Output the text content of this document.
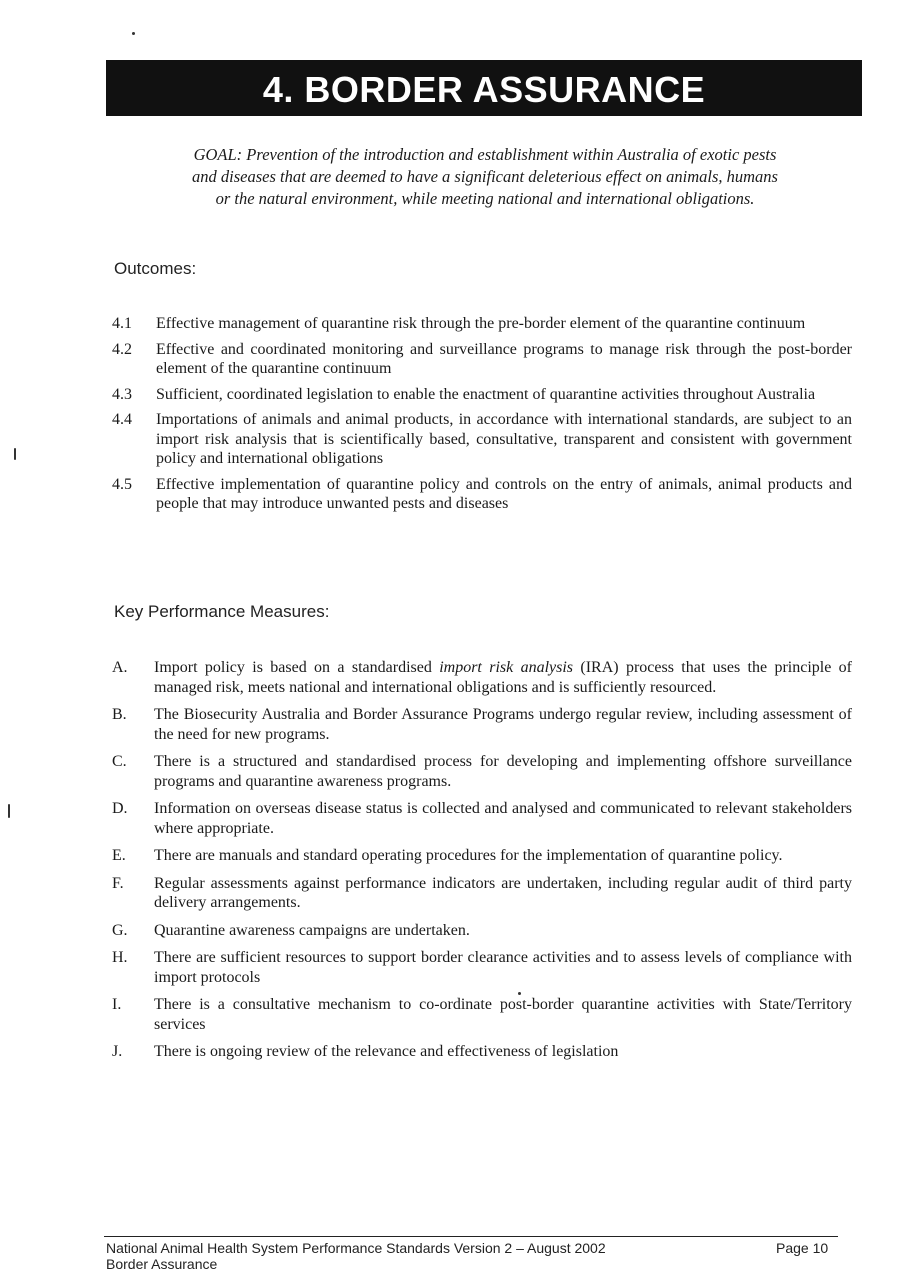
4. BORDER ASSURANCE
GOAL: Prevention of the introduction and establishment within Australia of exotic pests and diseases that are deemed to have a significant deleterious effect on animals, humans or the natural environment, while meeting national and international obligations.
Outcomes:
4.1	Effective management of quarantine risk through the pre-border element of the quarantine continuum
4.2	Effective and coordinated monitoring and surveillance programs to manage risk through the post-border element of the quarantine continuum
4.3	Sufficient, coordinated legislation to enable the enactment of quarantine activities throughout Australia
4.4	Importations of animals and animal products, in accordance with international standards, are subject to an import risk analysis that is scientifically based, consultative, transparent and consistent with government policy and international obligations
4.5	Effective implementation of quarantine policy and controls on the entry of animals, animal products and people that may introduce unwanted pests and diseases
Key Performance Measures:
A.	Import policy is based on a standardised import risk analysis (IRA) process that uses the principle of managed risk, meets national and international obligations and is sufficiently resourced.
B.	The Biosecurity Australia and Border Assurance Programs undergo regular review, including assessment of the need for new programs.
C.	There is a structured and standardised process for developing and implementing offshore surveillance programs and quarantine awareness programs.
D.	Information on overseas disease status is collected and analysed and communicated to relevant stakeholders where appropriate.
E.	There are manuals and standard operating procedures for the implementation of quarantine policy.
F.	Regular assessments against performance indicators are undertaken, including regular audit of third party delivery arrangements.
G.	Quarantine awareness campaigns are undertaken.
H.	There are sufficient resources to support border clearance activities and to assess levels of compliance with import protocols
I.	There is a consultative mechanism to co-ordinate post-border quarantine activities with State/Territory services
J.	There is ongoing review of the relevance and effectiveness of legislation
National Animal Health System Performance Standards Version 2 – August 2002
Border Assurance
Page 10
